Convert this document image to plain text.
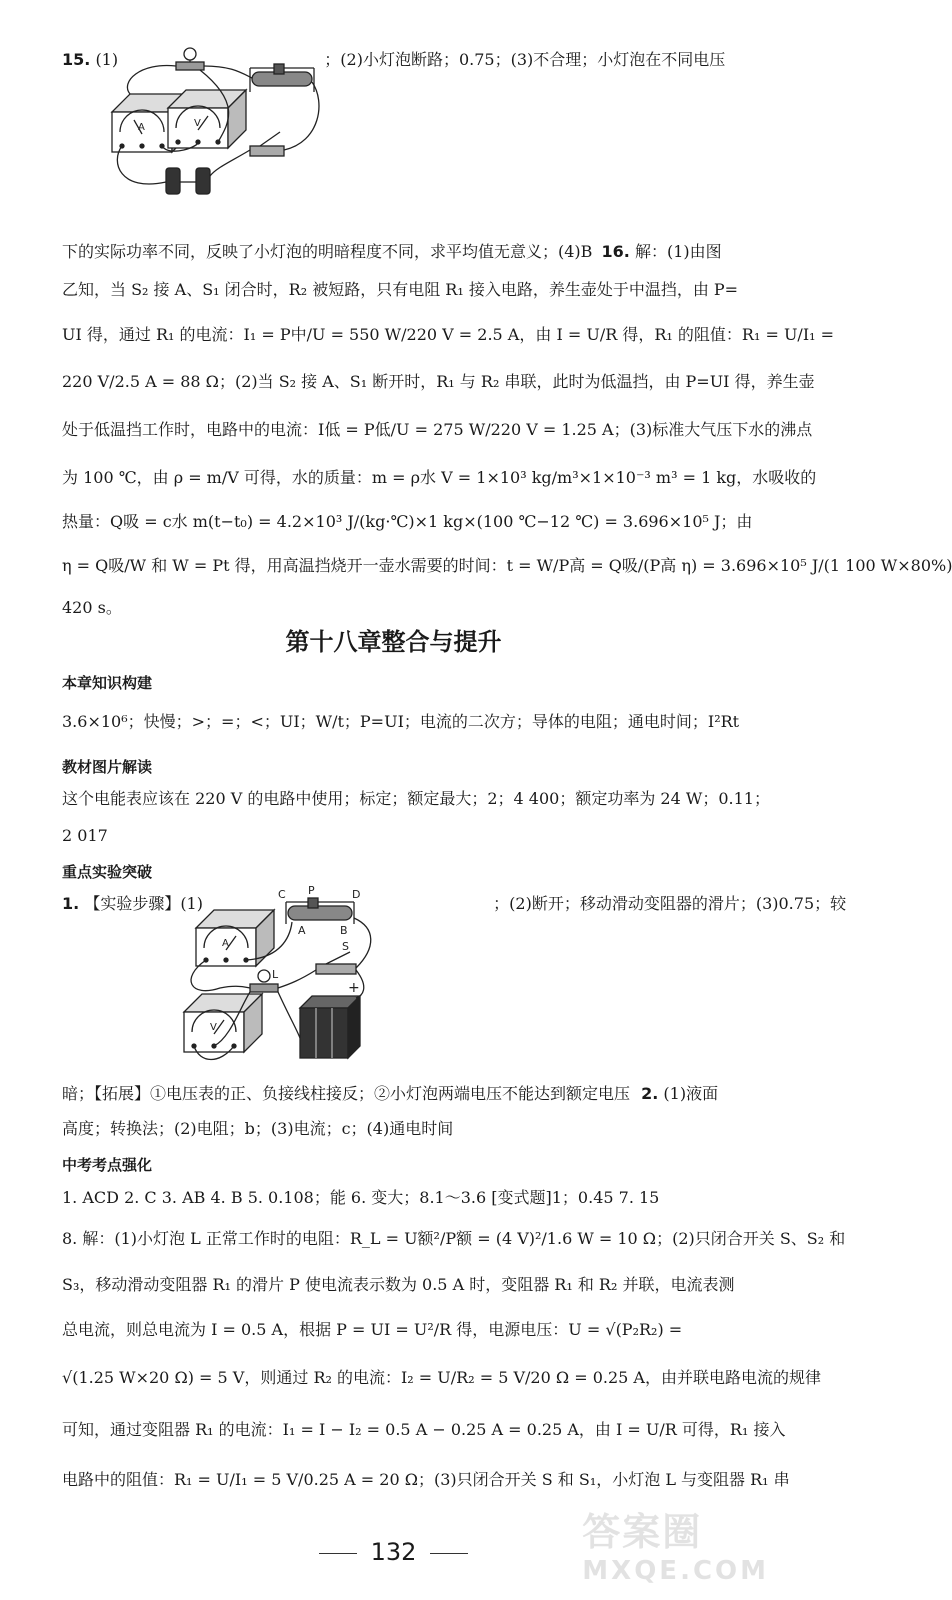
15. (1)	；(2)小灯泡断路；0.75；(3)不合理；小灯泡在不同电压
A	V
下的实际功率不同，反映了小灯泡的明暗程度不同，求平均值无意义；(4)B 16. 解：(1)由图
乙知，当 S₂ 接 A、S₁ 闭合时，R₂ 被短路，只有电阻 R₁ 接入电路，养生壶处于中温挡，由 P=
UI 得，通过 R₁ 的电流：I₁ = P中/U = 550 W/220 V = 2.5 A，由 I = U/R 得，R₁ 的阻值：R₁ = U/I₁ =
220 V/2.5 A = 88 Ω；(2)当 S₂ 接 A、S₁ 断开时，R₁ 与 R₂ 串联，此时为低温挡，由 P=UI 得，养生壶
处于低温挡工作时，电路中的电流：I低 = P低/U = 275 W/220 V = 1.25 A；(3)标准大气压下水的沸点
为 100 ℃，由 ρ = m/V 可得，水的质量：m = ρ水 V = 1×10³ kg/m³×1×10⁻³ m³ = 1 kg，水吸收的
热量：Q吸 = c水 m(t−t₀) = 4.2×10³ J/(kg·℃)×1 kg×(100 ℃−12 ℃) = 3.696×10⁵ J；由
η = Q吸/W 和 W = Pt 得，用高温挡烧开一壶水需要的时间：t = W/P高 = Q吸/(P高 η) = 3.696×10⁵ J/(1 100 W×80%)
420 s。
第十八章整合与提升
本章知识构建
3.6×10⁶；快慢；>；=；<；UI；W/t；P=UI；电流的二次方；导体的电阻；通电时间；I²Rt
教材图片解读
这个电能表应该在 220 V 的电路中使用；标定；额定最大；2；4 400；额定功率为 24 W；0.11；
2 017
重点实验突破
1. 【实验步骤】(1)	；(2)断开；移动滑动变阻器的滑片；(3)0.75；较
C P	D
A	B
S
L
+
A
V
暗；【拓展】①电压表的正、负接线柱接反；②小灯泡两端电压不能达到额定电压 2. (1)液面
高度；转换法；(2)电阻；b；(3)电流；c；(4)通电时间
中考考点强化
1. ACD 2. C 3. AB 4. B 5. 0.108；能 6. 变大；8.1～3.6 [变式题]1；0.45 7. 15
8. 解：(1)小灯泡 L 正常工作时的电阻：R_L = U额²/P额 = (4 V)²/1.6 W = 10 Ω；(2)只闭合开关 S、S₂ 和
S₃，移动滑动变阻器 R₁ 的滑片 P 使电流表示数为 0.5 A 时，变阻器 R₁ 和 R₂ 并联，电流表测
总电流，则总电流为 I = 0.5 A，根据 P = UI = U²/R 得，电源电压：U = √(P₂R₂) =
√(1.25 W×20 Ω) = 5 V，则通过 R₂ 的电流：I₂ = U/R₂ = 5 V/20 Ω = 0.25 A，由并联电路电流的规律
可知，通过变阻器 R₁ 的电流：I₁ = I − I₂ = 0.5 A − 0.25 A = 0.25 A，由 I = U/R 可得，R₁ 接入
电路中的阻值：R₁ = U/I₁ = 5 V/0.25 A = 20 Ω；(3)只闭合开关 S 和 S₁，小灯泡 L 与变阻器 R₁ 串
132	答案圈
MXQE.COM
